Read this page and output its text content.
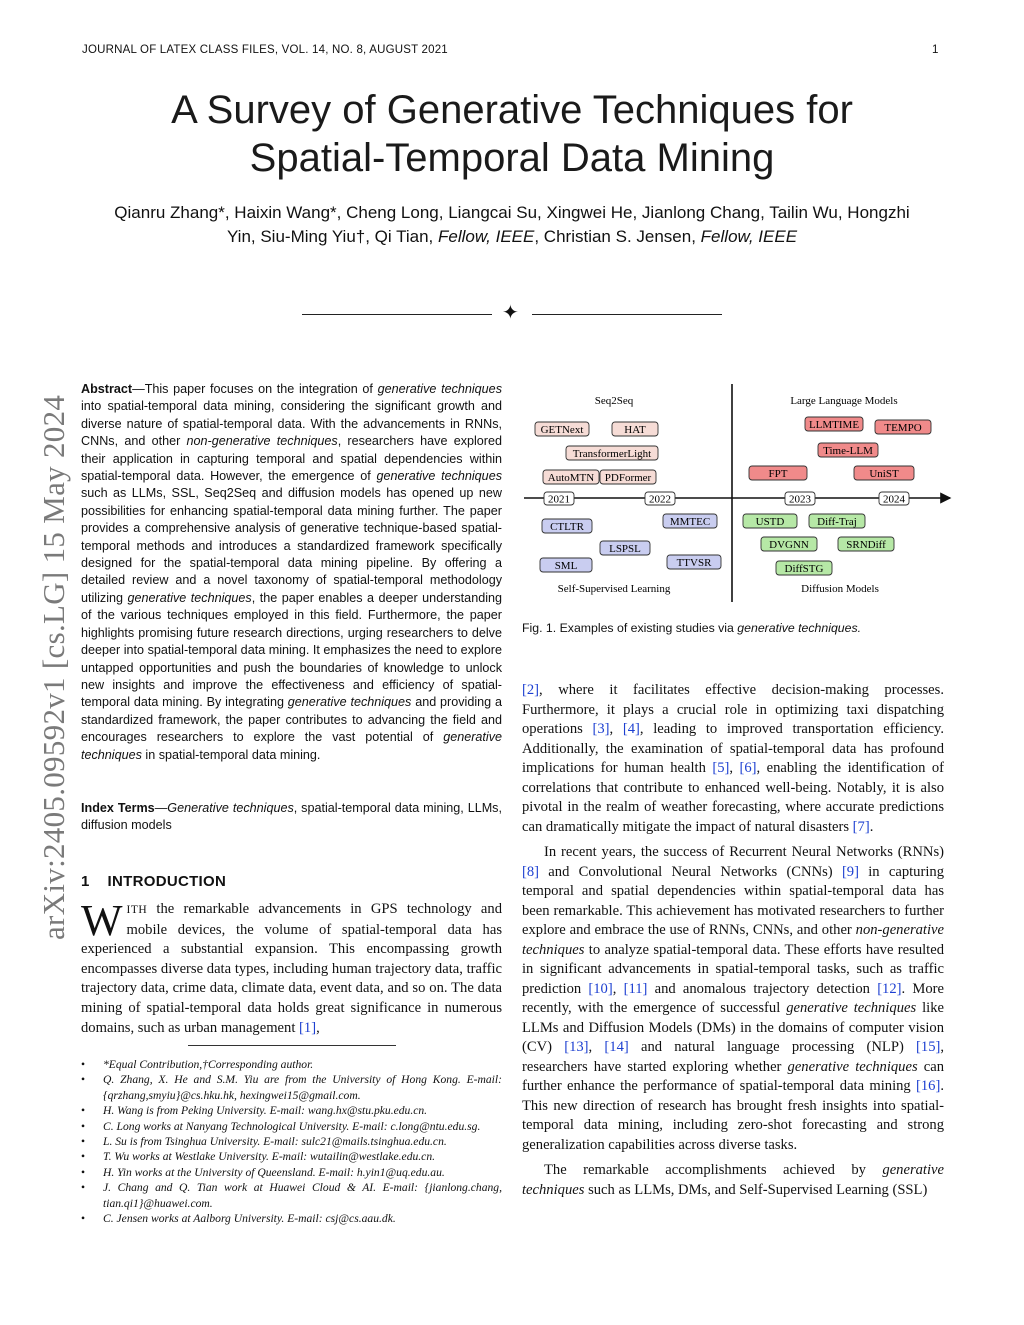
JOURNAL OF LATEX CLASS FILES, VOL. 14, NO. 8, AUGUST 2021	1
A Survey of Generative Techniques for
Spatial-Temporal Data Mining
Qianru Zhang*, Haixin Wang*, Cheng Long, Liangcai Su, Xingwei He, Jianlong Chang, Tailin Wu, Hongzhi
Yin, Siu-Ming Yiu†, Qi Tian, Fellow, IEEE, Christian S. Jensen, Fellow, IEEE
✦
arXiv:2405.09592v1 [cs.LG] 15 May 2024

Abstract—This paper focuses on the integration of generative techniques into spatial-temporal data mining, considering the significant growth and diverse nature of spatial-temporal data. With the advancements in RNNs, CNNs, and other non-generative techniques, researchers have explored their application in capturing temporal and spatial dependencies within spatial-temporal data. However, the emergence of generative techniques such as LLMs, SSL, Seq2Seq and diffusion models has opened up new possibilities for enhancing spatial-temporal data mining further. The paper provides a comprehensive analysis of generative technique-based spatial-temporal methods and introduces a standardized framework specifically designed for the spatial-temporal data mining pipeline. By offering a detailed review and a novel taxonomy of spatial-temporal methodology utilizing generative techniques, the paper enables a deeper understanding of the various techniques employed in this field. Furthermore, the paper highlights promising future research directions, urging researchers to delve deeper into spatial-temporal data mining. It emphasizes the need to explore untapped opportunities and push the boundaries of knowledge to unlock new insights and improve the effectiveness and efficiency of spatial-temporal data mining. By integrating generative techniques and providing a standardized framework, the paper contributes to advancing the field and encourages researchers to explore the vast potential of generative techniques in spatial-temporal data mining.

Index Terms—Generative techniques, spatial-temporal data mining, LLMs, diffusion models
1 INTRODUCTION
WITH the remarkable advancements in GPS technology and mobile devices, the volume of spatial-temporal data has experienced a substantial expansion. This encompassing growth encompasses diverse data types, including human trajectory data, traffic trajectory data, crime data, climate data, event data, and so on. The data mining of spatial-temporal data holds great significance in numerous domains, such as urban management [1],
• *Equal Contribution,†Corresponding author.
• Q. Zhang, X. He and S.M. Yiu are from the University of Hong Kong. E-mail: {qrzhang,smyiu}@cs.hku.hk, hexingwei15@gmail.com.
• H. Wang is from Peking University. E-mail: wang.hx@stu.pku.edu.cn.
• C. Long works at Nanyang Technological University. E-mail: c.long@ntu.edu.sg.
• L. Su is from Tsinghua University. E-mail: sulc21@mails.tsinghua.edu.cn.
• T. Wu works at Westlake University. E-mail: wutailin@westlake.edu.cn.
• H. Yin works at the University of Queensland. E-mail: h.yin1@uq.edu.au.
• J. Chang and Q. Tian work at Huawei Cloud & AI. E-mail: {jianlong.chang, tian.qi1}@huawei.com.
• C. Jensen works at Aalborg University. E-mail: csj@cs.aau.dk.
Seq2Seq	Large Language Models
Self-Supervised Learning	Diffusion Models
2021	2022	2023	2024
GETNext	HAT
TransformerLight
AutoMTN PDFormer
LLMTIME TEMPO
Time-LLM
FPT	UniST
CTLTR	MMTEC
LSPSL
SML	TTVSR
USTD	Diff-Traj
DVGNN	SRNDiff
DiffSTG
Fig. 1. Examples of existing studies via generative techniques.

[2], where it facilitates effective decision-making processes. Furthermore, it plays a crucial role in optimizing taxi dispatching operations [3], [4], leading to improved transportation efficiency. Additionally, the examination of spatial-temporal data has profound implications for human health [5], [6], enabling the identification of correlations that contribute to enhanced well-being. Notably, it is also pivotal in the realm of weather forecasting, where accurate predictions can dramatically mitigate the impact of natural disasters [7].

In recent years, the success of Recurrent Neural Networks (RNNs) [8] and Convolutional Neural Networks (CNNs) [9] in capturing temporal and spatial dependencies within spatial-temporal data has been remarkable. This achievement has motivated researchers to further explore and embrace the use of RNNs, CNNs, and other non-generative techniques to analyze spatial-temporal data. These efforts have resulted in significant advancements in spatial-temporal tasks, such as traffic prediction [10], [11] and anomalous trajectory detection [12]. More recently, with the emergence of successful generative techniques like LLMs and Diffusion Models (DMs) in the domains of computer vision (CV) [13], [14] and natural language processing (NLP) [15], researchers have started exploring whether generative techniques can further enhance the performance of spatial-temporal data mining [16]. This new direction of research has brought fresh insights into spatial-temporal data mining, including zero-shot forecasting and strong generalization capabilities across diverse tasks.

The remarkable accomplishments achieved by generative techniques such as LLMs, DMs, and Self-Supervised Learning (SSL)
